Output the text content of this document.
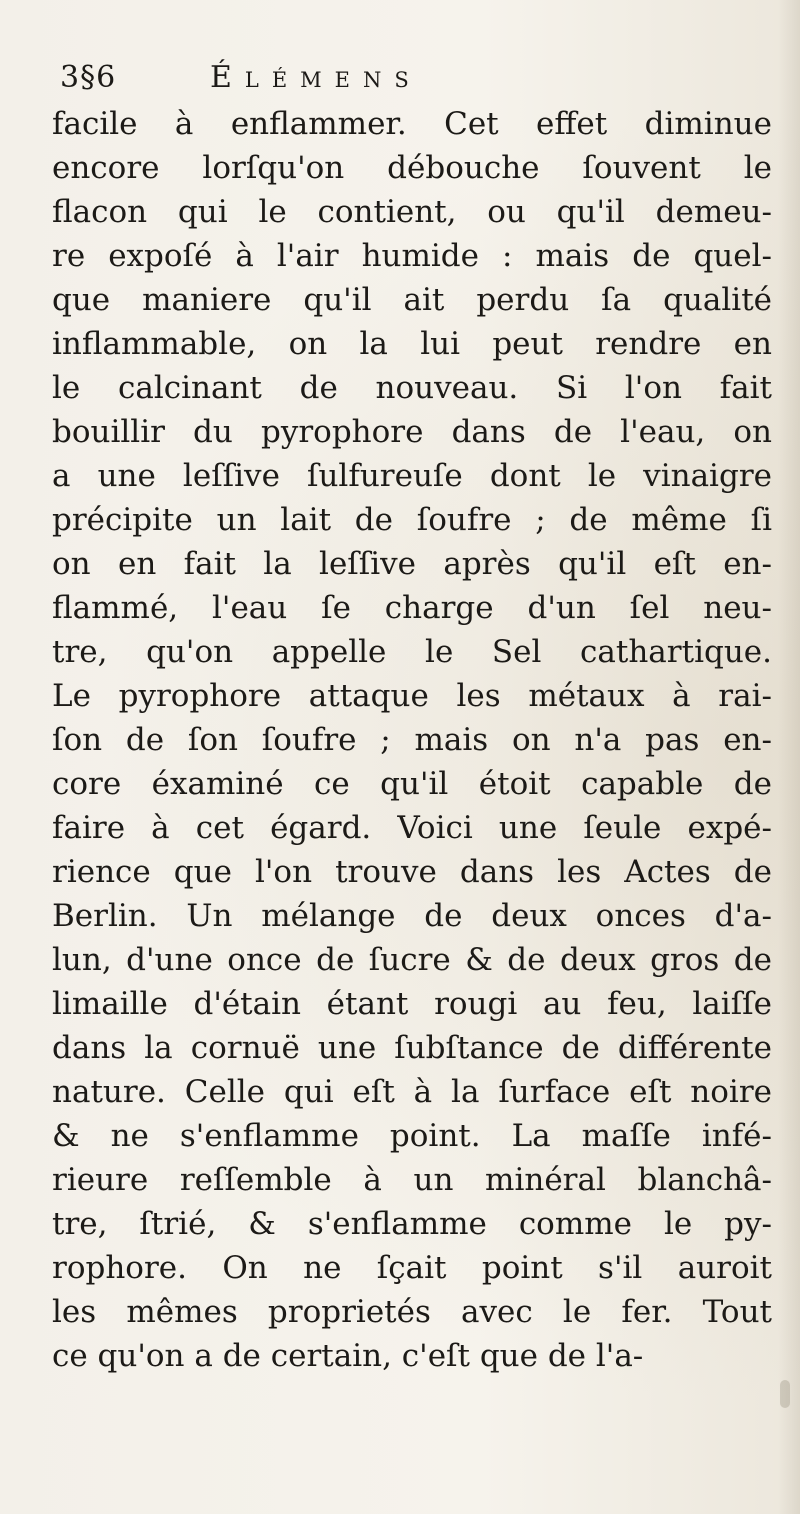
3§6	Élémens
facile à enflammer. Cet effet diminue
encore lorſqu'on débouche ſouvent le
flacon qui le contient, ou qu'il demeu-
re expoſé à l'air humide : mais de quel-
que maniere qu'il ait perdu ſa qualité
inflammable, on la lui peut rendre en
le calcinant de nouveau. Si l'on fait
bouillir du pyrophore dans de l'eau, on
a une leſſive ſulfureuſe dont le vinaigre
précipite un lait de ſoufre ; de même ſi
on en fait la leſſive après qu'il eſt en-
flammé, l'eau ſe charge d'un ſel neu-
tre, qu'on appelle le Sel cathartique.
Le pyrophore attaque les métaux à rai-
ſon de ſon ſoufre ; mais on n'a pas en-
core éxaminé ce qu'il étoit capable de
faire à cet égard. Voici une ſeule expé-
rience que l'on trouve dans les Actes de
Berlin. Un mélange de deux onces d'a-
lun, d'une once de ſucre & de deux gros de
limaille d'étain étant rougi au feu, laiſſe
dans la cornuë une ſubſtance de différente
nature. Celle qui eſt à la ſurface eſt noire
& ne s'enflamme point. La maſſe infé-
rieure reſſemble à un minéral blanchâ-
tre, ſtrié, & s'enflamme comme le py-
rophore. On ne ſçait point s'il auroit
les mêmes proprietés avec le fer. Tout
ce qu'on a de certain, c'eſt que de l'a-
